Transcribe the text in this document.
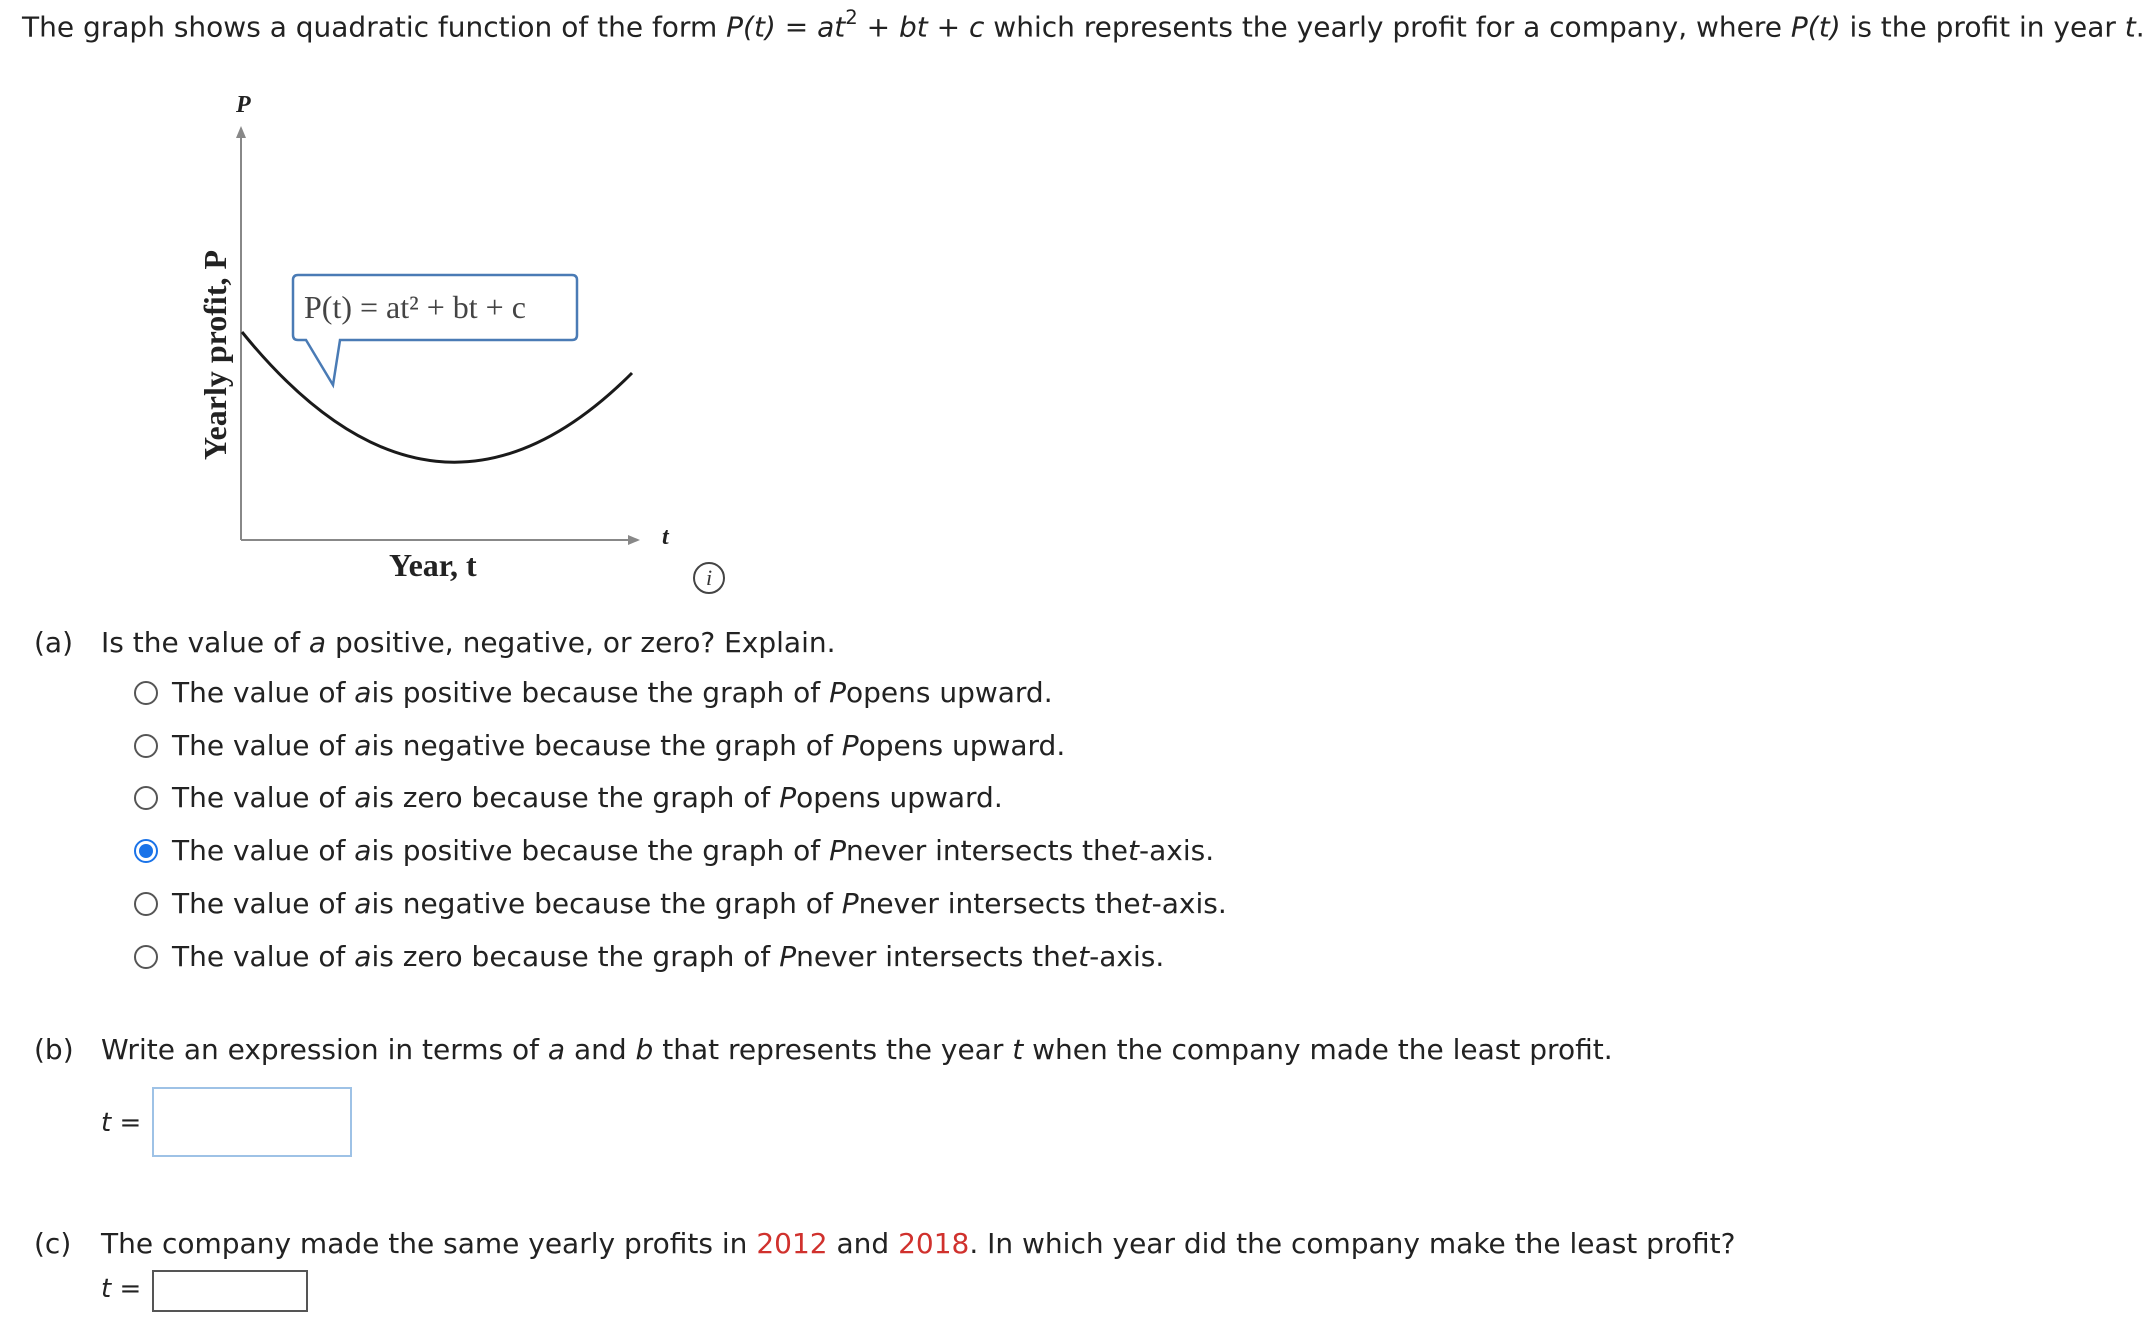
The graph shows a quadratic function of the form $P(t) = at^2$ + bt + c which represents the yearly profit for a company, where P(t) is the profit in year t.
P
t
Yearly profit, P
Year, t
P(t) = at² + bt + c
i
(a) Is the value of a positive, negative, or zero? Explain.
The value of
a is positive because the graph of
P opens upward.
The value of
a is negative because the graph of
P opens upward.
The value of
a is zero because the graph of
P opens upward.
The value of
a is positive because the graph of
P never intersects the t -axis.
The value of
a is negative because the graph of
P never intersects the t -axis.
The value of
a is zero because the graph of
P never intersects the t -axis.
(b) Write an expression in terms of a and b that represents the year t when the company made the least profit.
t =
(c) The company made the same yearly profits in 2012 and 2018. In which year did the company make the least profit?
t =
